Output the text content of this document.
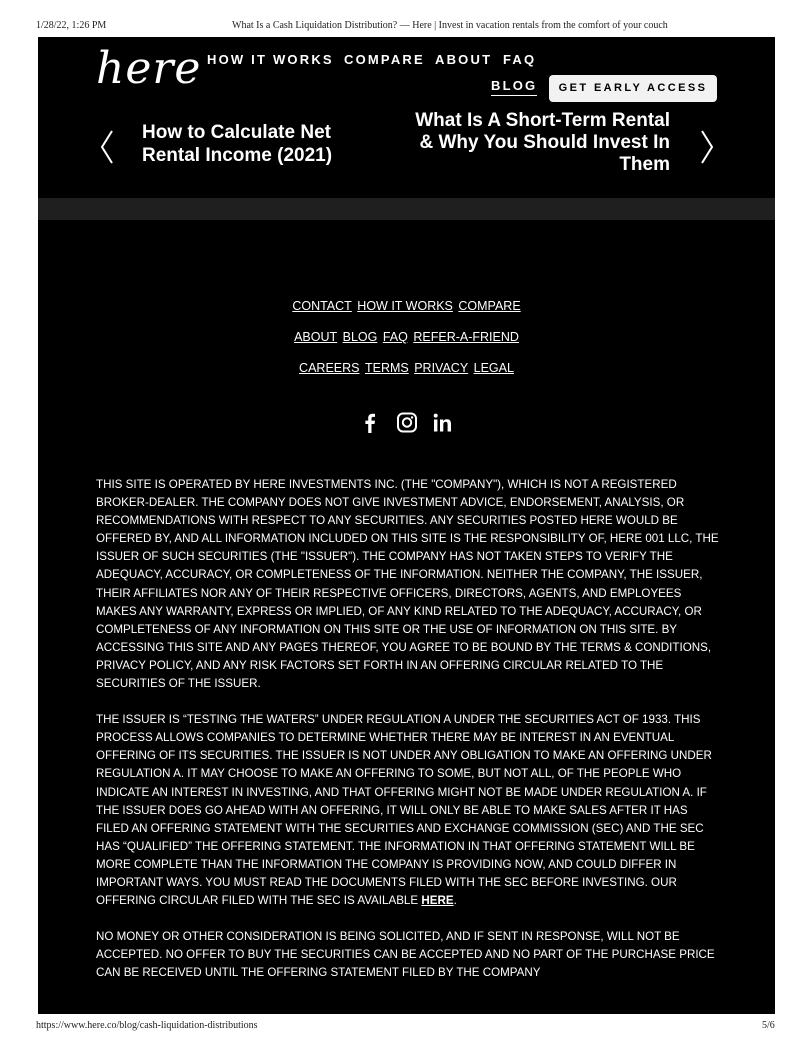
1/28/22, 1:26 PM	What Is a Cash Liquidation Distribution? — Here | Invest in vacation rentals from the comfort of your couch
here HOW IT WORKS COMPARE ABOUT FAQ
BLOG	GET EARLY ACCESS
How to Calculate Net Rental Income (2021)
What Is A Short-Term Rental & Why You Should Invest In Them
CONTACT HOW IT WORKS COMPARE
ABOUT BLOG FAQ REFER-A-FRIEND
CAREERS TERMS PRIVACY LEGAL

THIS SITE IS OPERATED BY HERE INVESTMENTS INC. (THE "COMPANY"), WHICH IS NOT A REGISTERED BROKER-DEALER. THE COMPANY DOES NOT GIVE INVESTMENT ADVICE, ENDORSEMENT, ANALYSIS, OR RECOMMENDATIONS WITH RESPECT TO ANY SECURITIES. ANY SECURITIES POSTED HERE WOULD BE OFFERED BY, AND ALL INFORMATION INCLUDED ON THIS SITE IS THE RESPONSIBILITY OF, HERE 001 LLC, THE ISSUER OF SUCH SECURITIES (THE "ISSUER"). THE COMPANY HAS NOT TAKEN STEPS TO VERIFY THE ADEQUACY, ACCURACY, OR COMPLETENESS OF THE INFORMATION. NEITHER THE COMPANY, THE ISSUER, THEIR AFFILIATES NOR ANY OF THEIR RESPECTIVE OFFICERS, DIRECTORS, AGENTS, AND EMPLOYEES MAKES ANY WARRANTY, EXPRESS OR IMPLIED, OF ANY KIND RELATED TO THE ADEQUACY, ACCURACY, OR COMPLETENESS OF ANY INFORMATION ON THIS SITE OR THE USE OF INFORMATION ON THIS SITE. BY ACCESSING THIS SITE AND ANY PAGES THEREOF, YOU AGREE TO BE BOUND BY THE TERMS & CONDITIONS, PRIVACY POLICY, AND ANY RISK FACTORS SET FORTH IN AN OFFERING CIRCULAR RELATED TO THE SECURITIES OF THE ISSUER.

THE ISSUER IS “TESTING THE WATERS” UNDER REGULATION A UNDER THE SECURITIES ACT OF 1933. THIS PROCESS ALLOWS COMPANIES TO DETERMINE WHETHER THERE MAY BE INTEREST IN AN EVENTUAL OFFERING OF ITS SECURITIES. THE ISSUER IS NOT UNDER ANY OBLIGATION TO MAKE AN OFFERING UNDER REGULATION A. IT MAY CHOOSE TO MAKE AN OFFERING TO SOME, BUT NOT ALL, OF THE PEOPLE WHO INDICATE AN INTEREST IN INVESTING, AND THAT OFFERING MIGHT NOT BE MADE UNDER REGULATION A. IF THE ISSUER DOES GO AHEAD WITH AN OFFERING, IT WILL ONLY BE ABLE TO MAKE SALES AFTER IT HAS FILED AN OFFERING STATEMENT WITH THE SECURITIES AND EXCHANGE COMMISSION (SEC) AND THE SEC HAS “QUALIFIED” THE OFFERING STATEMENT. THE INFORMATION IN THAT OFFERING STATEMENT WILL BE MORE COMPLETE THAN THE INFORMATION THE COMPANY IS PROVIDING NOW, AND COULD DIFFER IN IMPORTANT WAYS. YOU MUST READ THE DOCUMENTS FILED WITH THE SEC BEFORE INVESTING. OUR OFFERING CIRCULAR FILED WITH THE SEC IS AVAILABLE HERE.

NO MONEY OR OTHER CONSIDERATION IS BEING SOLICITED, AND IF SENT IN RESPONSE, WILL NOT BE ACCEPTED. NO OFFER TO BUY THE SECURITIES CAN BE ACCEPTED AND NO PART OF THE PURCHASE PRICE CAN BE RECEIVED UNTIL THE OFFERING STATEMENT FILED BY THE COMPANY

https://www.here.co/blog/cash-liquidation-distributions	5/6
